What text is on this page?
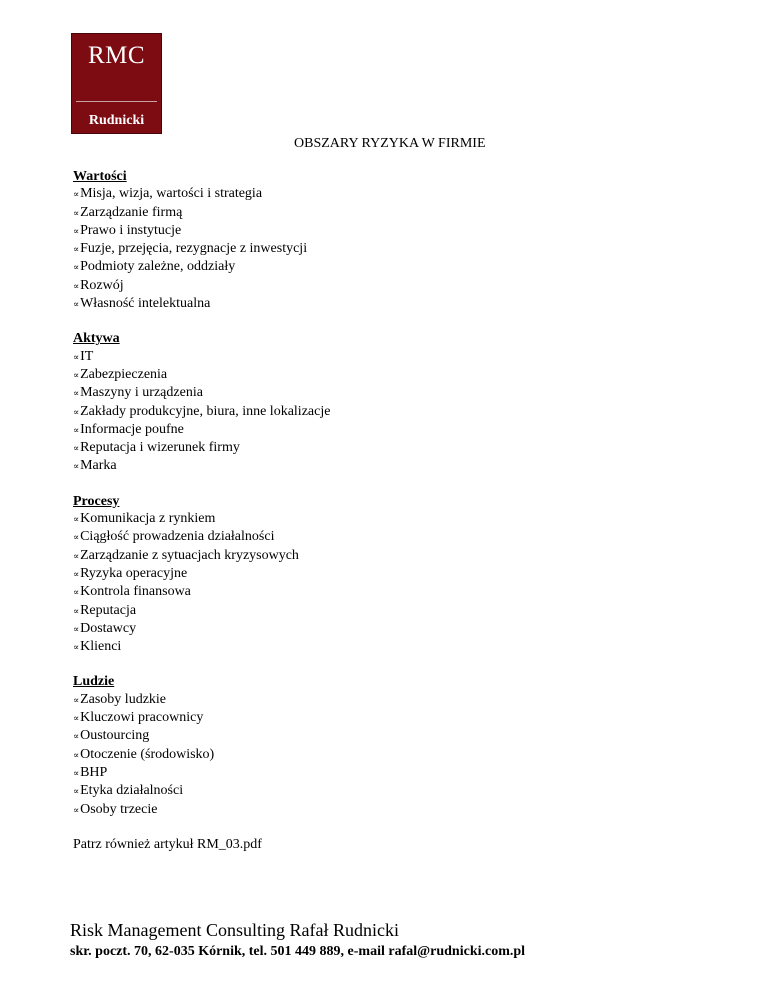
RMC
Rudnicki
OBSZARY RYZYKA W FIRMIE
Wartości
∝Misja, wizja, wartości i strategia
∝Zarządzanie firmą
∝Prawo i instytucje
∝Fuzje, przejęcia, rezygnacje z inwestycji
∝Podmioty zależne, oddziały
∝Rozwój
∝Własność intelektualna
Aktywa
∝IT
∝Zabezpieczenia
∝Maszyny i urządzenia
∝Zakłady produkcyjne, biura, inne lokalizacje
∝Informacje poufne
∝Reputacja i wizerunek firmy
∝Marka
Procesy
∝Komunikacja z rynkiem
∝Ciągłość prowadzenia działalności
∝Zarządzanie z sytuacjach kryzysowych
∝Ryzyka operacyjne
∝Kontrola finansowa
∝Reputacja
∝Dostawcy
∝Klienci
Ludzie
∝Zasoby ludzkie
∝Kluczowi pracownicy
∝Oustourcing
∝Otoczenie (środowisko)
∝BHP
∝Etyka działalności
∝Osoby trzecie
Patrz również artykuł RM_03.pdf
Risk Management Consulting Rafał Rudnicki
skr. poczt. 70, 62-035 Kórnik, tel. 501 449 889, e-mail rafal@rudnicki.com.pl
